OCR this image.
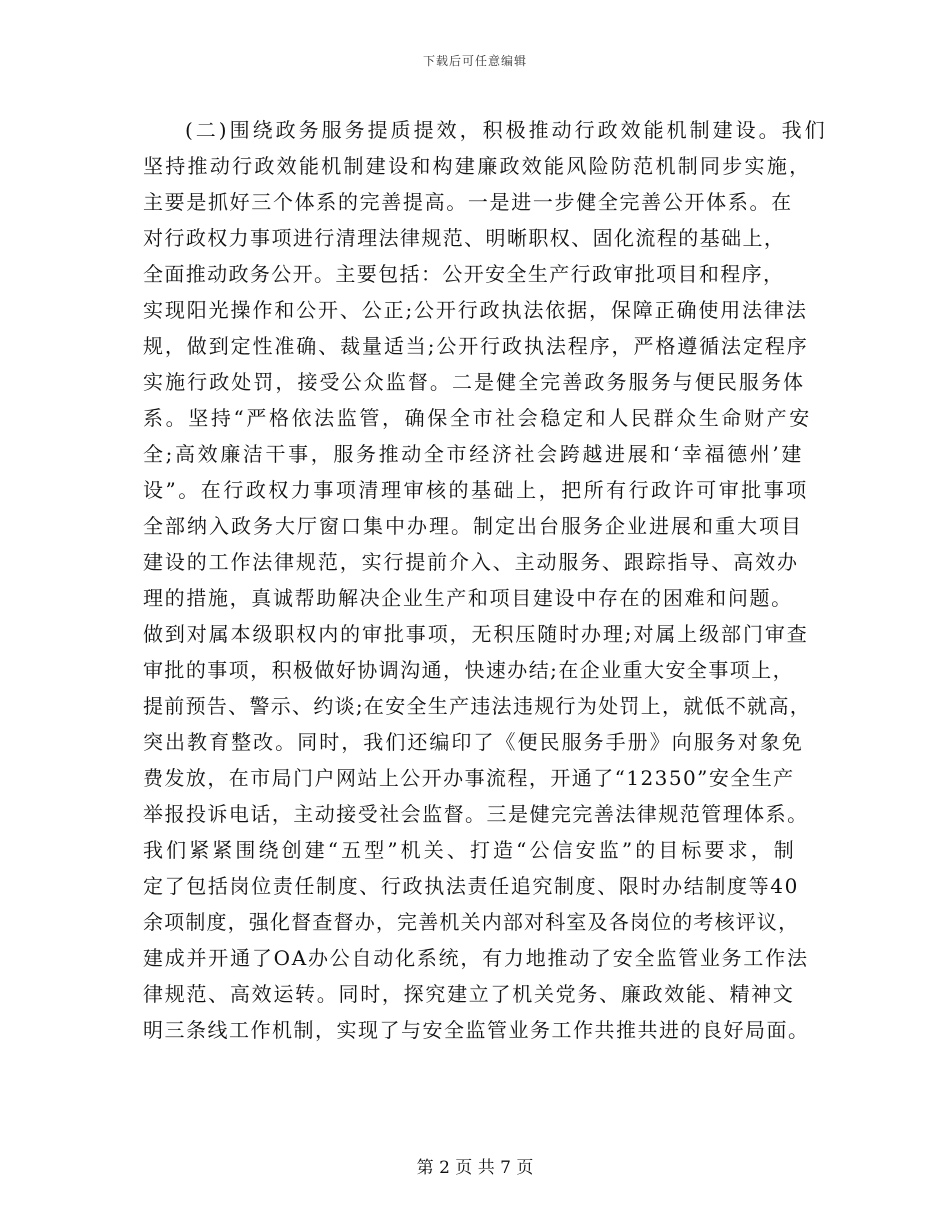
下载后可任意编辑
(二)围绕政务服务提质提效，积极推动行政效能机制建设。我们
坚持推动行政效能机制建设和构建廉政效能风险防范机制同步实施，
主要是抓好三个体系的完善提高。一是进一步健全完善公开体系。在
对行政权力事项进行清理法律规范、明晰职权、固化流程的基础上，
全面推动政务公开。主要包括：公开安全生产行政审批项目和程序，
实现阳光操作和公开、公正;公开行政执法依据，保障正确使用法律法
规，做到定性准确、裁量适当;公开行政执法程序，严格遵循法定程序
实施行政处罚，接受公众监督。二是健全完善政务服务与便民服务体
系。坚持“严格依法监管，确保全市社会稳定和人民群众生命财产安
全;高效廉洁干事，服务推动全市经济社会跨越进展和‘幸福德州’建
设”。在行政权力事项清理审核的基础上，把所有行政许可审批事项
全部纳入政务大厅窗口集中办理。制定出台服务企业进展和重大项目
建设的工作法律规范，实行提前介入、主动服务、跟踪指导、高效办
理的措施，真诚帮助解决企业生产和项目建设中存在的困难和问题。
做到对属本级职权内的审批事项，无积压随时办理;对属上级部门审查
审批的事项，积极做好协调沟通，快速办结;在企业重大安全事项上，
提前预告、警示、约谈;在安全生产违法违规行为处罚上，就低不就高，
突出教育整改。同时，我们还编印了《便民服务手册》向服务对象免
费发放，在市局门户网站上公开办事流程，开通了“12350”安全生产
举报投诉电话，主动接受社会监督。三是健完完善法律规范管理体系。
我们紧紧围绕创建“五型”机关、打造“公信安监”的目标要求，制
定了包括岗位责任制度、行政执法责任追究制度、限时办结制度等40
余项制度，强化督查督办，完善机关内部对科室及各岗位的考核评议，
建成并开通了OA办公自动化系统，有力地推动了安全监管业务工作法
律规范、高效运转。同时，探究建立了机关党务、廉政效能、精神文
明三条线工作机制，实现了与安全监管业务工作共推共进的良好局面。
第 2 页 共 7 页
